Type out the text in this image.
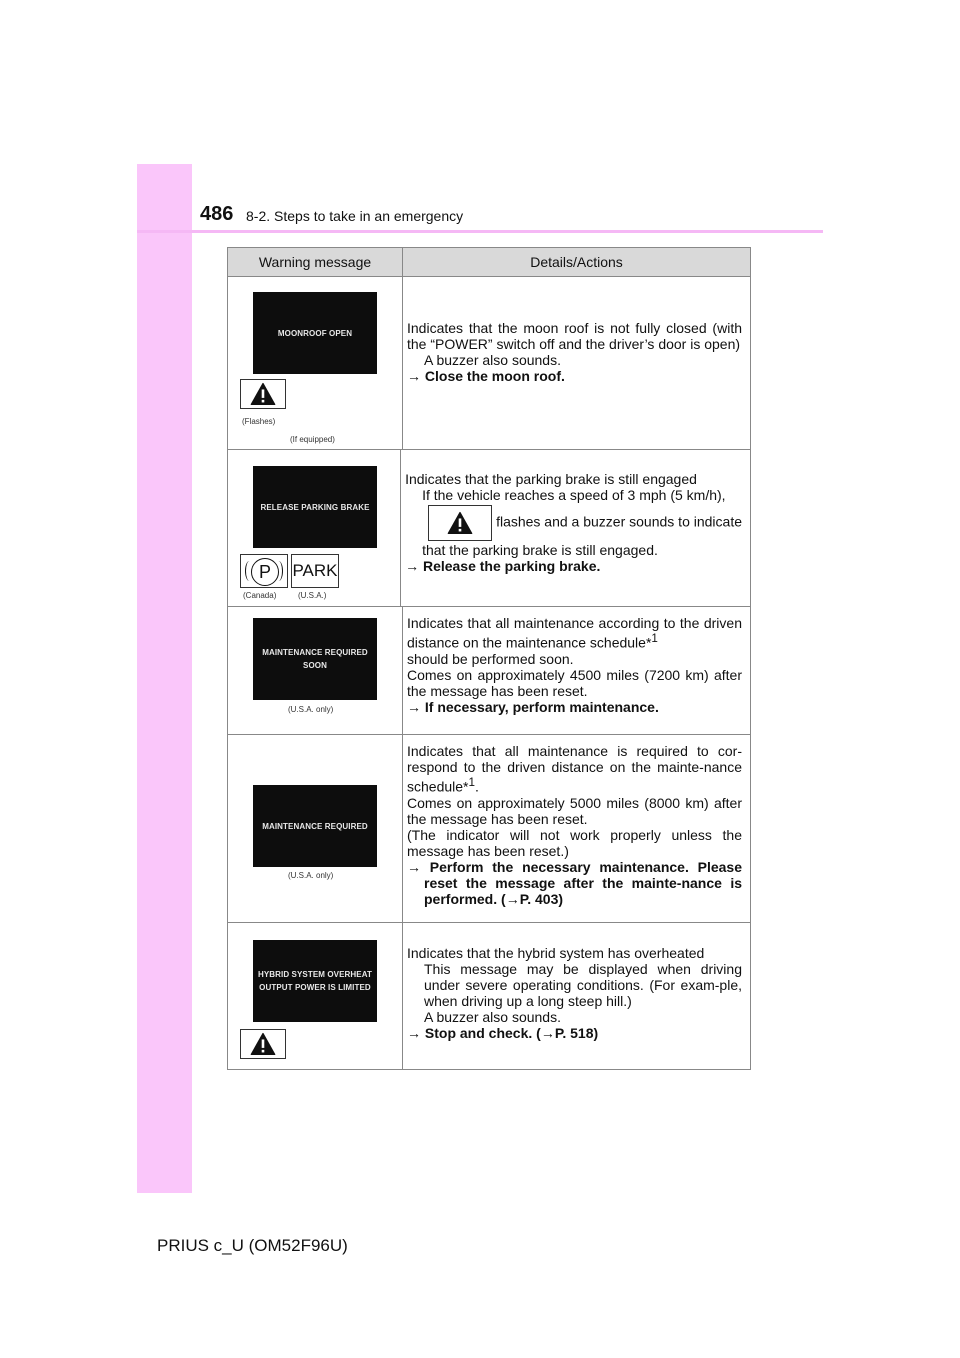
486 8-2. Steps to take in an emergency
Warning message	Details/Actions
MOONROOF OPEN
(Flashes)
(If equipped)

Indicates that the moon roof is not fully closed (with the “POWER” switch off and the driver’s door is open)

A buzzer also sounds.

→ Close the moon roof.

RELEASE PARKING BRAKE
P	PARK
(Canada)	(U.S.A.)

Indicates that the parking brake is still engaged

If the vehicle reaches a speed of 3 mph (5 km/h),

flashes and a buzzer sounds to indicate

that the parking brake is still engaged.

→ Release the parking brake.

MAINTENANCE REQUIRED
SOON
(U.S.A. only)

Indicates that all maintenance according to the driven distance on the maintenance schedule*$^1$

should be performed soon.

Comes on approximately 4500 miles (7200 km) after the message has been reset.

→ If necessary, perform maintenance.

MAINTENANCE REQUIRED
(U.S.A. only)

Indicates that all maintenance is required to cor-respond to the driven distance on the mainte-nance schedule*$^1$.

Comes on approximately 5000 miles (8000 km) after the message has been reset.

(The indicator will not work properly unless the message has been reset.)

→ Perform the necessary maintenance. Please reset the message after the mainte-nance is performed. (→P. 403)

HYBRID SYSTEM OVERHEAT
OUTPUT POWER IS LIMITED

Indicates that the hybrid system has overheated

This message may be displayed when driving under severe operating conditions. (For exam-ple, when driving up a long steep hill.)

A buzzer also sounds.

→ Stop and check. (→P. 518)

PRIUS c_U (OM52F96U)
